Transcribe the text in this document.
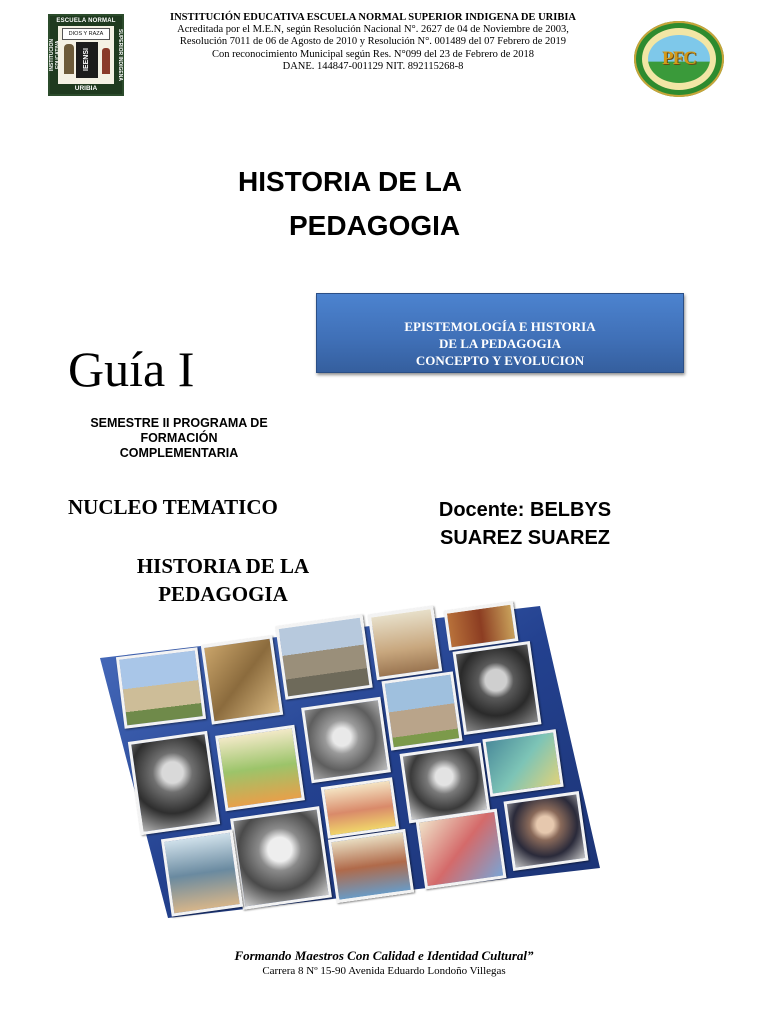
ESCUELA NORMAL
INSTITUCION	SUPERIOR INDIGENA
DIOS Y RAZA
IEENSI
URIBIA
INSTITUCIÓN EDUCATIVA ESCUELA NORMAL SUPERIOR INDIGENA DE URIBIA
Acreditada por el M.E.N, según Resolución Nacional N°. 2627 de 04 de Noviembre de 2003,
Resolución 7011 de 06 de Agosto de 2010 y Resolución N°. 001489 del 07 Febrero de 2019
Con reconocimiento Municipal según Res. N°099 del 23 de Febrero de 2018
DANE. 144847-001129 NIT. 892115268-8	PFC
HISTORIA DE LA
PEDAGOGIA
EPISTEMOLOGÍA E HISTORIA
DE LA PEDAGOGIA
CONCEPTO Y EVOLUCION
Guía I
SEMESTRE II PROGRAMA DE
FORMACIÓN
COMPLEMENTARIA
NUCLEO TEMATICO	Docente: BELBYS
SUAREZ SUAREZ
HISTORIA DE LA
PEDAGOGIA
Formando Maestros Con Calidad e Identidad Cultural”
Carrera 8 Nº 15-90 Avenida Eduardo Londoño Villegas
